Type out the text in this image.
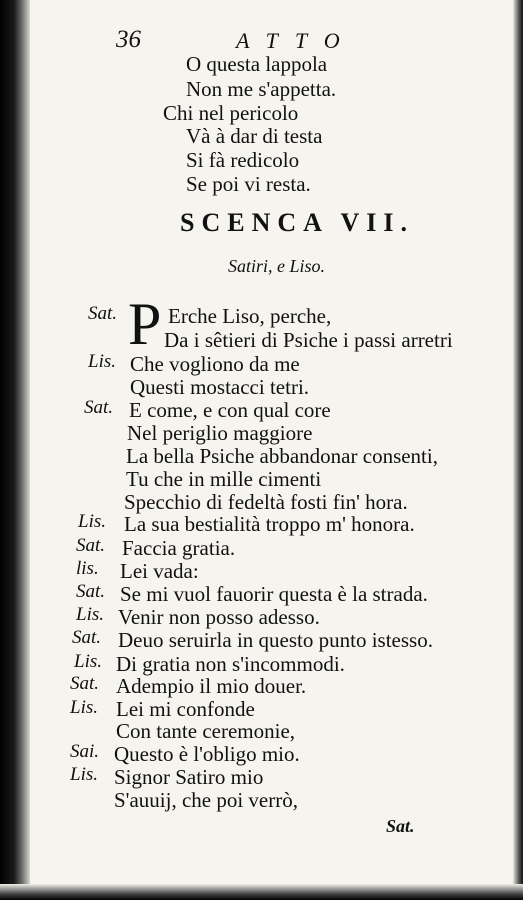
36	ATTO
O questa lappola
Non me s'appetta.
Chi nel pericolo
Và à dar di testa
Si fà redicolo
Se poi vi resta.
SCENCA VII.
Satiri, e Liso.
P Erche Liso, perche,
Sat.
Lis.
Sat.
Lis.
Sat.
lis.
Sat.
Lis.
Sat.
Lis.
Sat.
Lis.
Sai.
Lis.
Da i sêtieri di Psiche i passi arretri
Che vogliono da me
Questi mostacci tetri.
E come, e con qual core
Nel periglio maggiore
La bella Psiche abbandonar consenti,
Tu che in mille cimenti
Specchio di fedeltà fosti fin' hora.
La sua bestialità troppo m' honora.
Faccia gratia.
Lei vada:
Se mi vuol fauorir questa è la strada.
Venir non posso adesso.
Deuo seruirla in questo punto istesso.
Di gratia non s'incommodi.
Adempio il mio douer.
Lei mi confonde
Con tante ceremonie,
Questo è l'obligo mio.
Signor Satiro mio
S'auuij, che poi verrò,
Sat.
